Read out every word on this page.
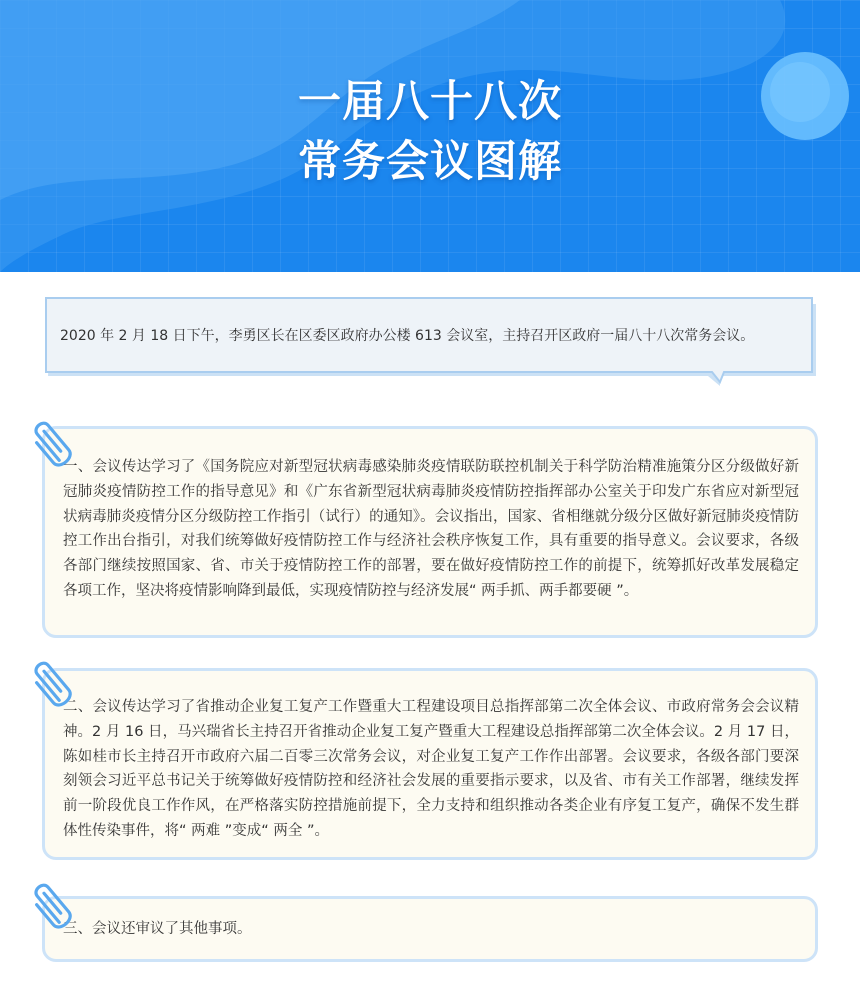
一届八十八次
常务会议图解
2020 年 2 月 18 日下午，李勇区长在区委区政府办公楼 613 会议室，主持召开区政府一届八十八次常务会议。
一、会议传达学习了《国务院应对新型冠状病毒感染肺炎疫情联防联控机制关于科学防治精准施策分区分级做好新冠肺炎疫情防控工作的指导意见》和《广东省新型冠状病毒肺炎疫情防控指挥部办公室关于印发广东省应对新型冠状病毒肺炎疫情分区分级防控工作指引（试行）的通知》。会议指出，国家、省相继就分级分区做好新冠肺炎疫情防控工作出台指引，对我们统筹做好疫情防控工作与经济社会秩序恢复工作，具有重要的指导意义。会议要求，各级各部门继续按照国家、省、市关于疫情防控工作的部署，要在做好疫情防控工作的前提下，统筹抓好改革发展稳定各项工作，坚决将疫情影响降到最低，实现疫情防控与经济发展“ 两手抓、两手都要硬 ”。
二、会议传达学习了省推动企业复工复产工作暨重大工程建设项目总指挥部第二次全体会议、市政府常务会会议精神。2 月 16 日，马兴瑞省长主持召开省推动企业复工复产暨重大工程建设总指挥部第二次全体会议。2 月 17 日，陈如桂市长主持召开市政府六届二百零三次常务会议，对企业复工复产工作作出部署。会议要求，各级各部门要深刻领会习近平总书记关于统筹做好疫情防控和经济社会发展的重要指示要求，以及省、市有关工作部署，继续发挥前一阶段优良工作作风，在严格落实防控措施前提下，全力支持和组织推动各类企业有序复工复产，确保不发生群体性传染事件，将“ 两难 ”变成“ 两全 ”。
三、会议还审议了其他事项。
